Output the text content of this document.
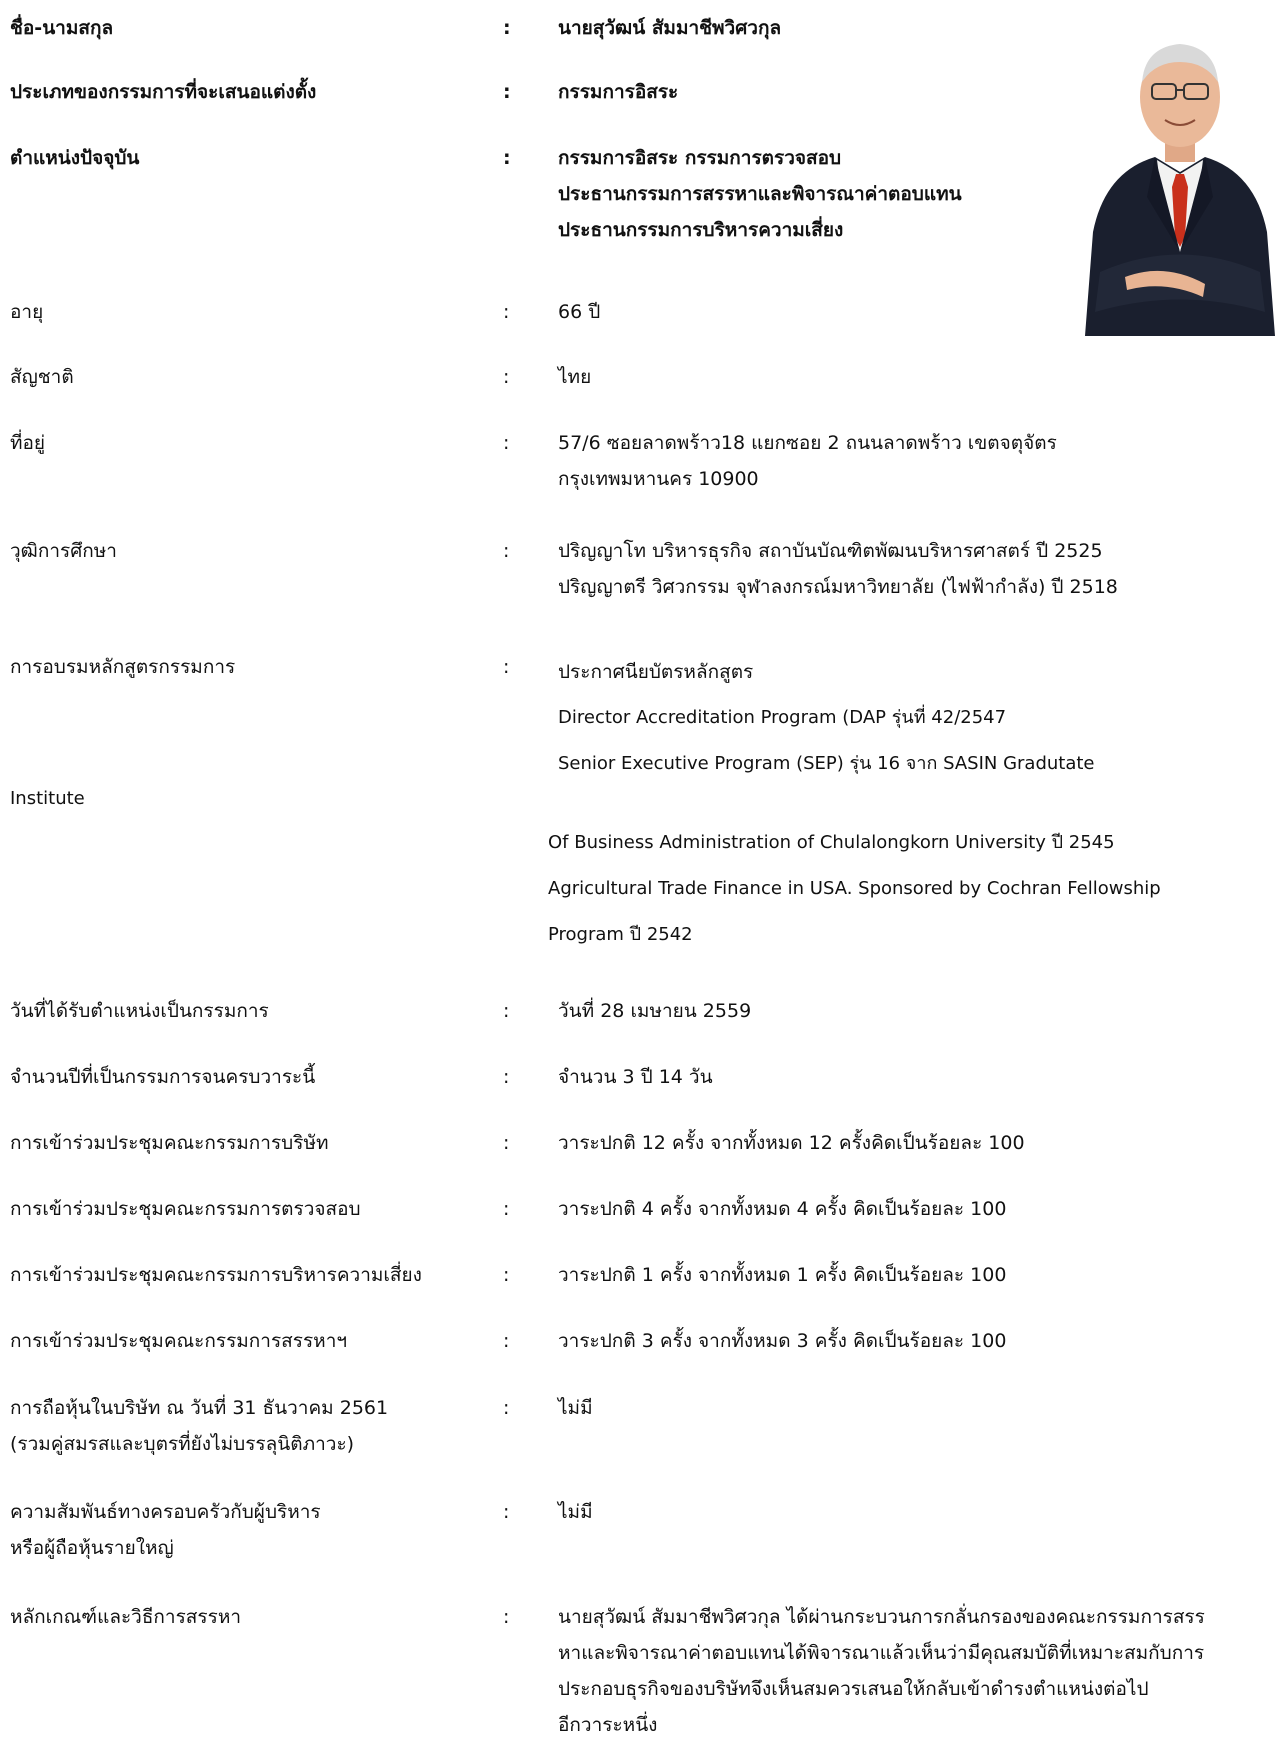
ชื่อ-นามสกุล	: นายสุวัฒน์ สัมมาชีพวิศวกุล
ประเภทของกรรมการที่จะเสนอแต่งตั้ง	: กรรมการอิสระ
ตำแหน่งปัจจุบัน	: กรรมการอิสระ กรรมการตรวจสอบ
ประธานกรรมการสรรหาและพิจารณาค่าตอบแทน
ประธานกรรมการบริหารความเสี่ยง
อายุ	:	66 ปี
สัญชาติ	:	ไทย
ที่อยู่	:	57/6 ซอยลาดพร้าว18 แยกซอย 2 ถนนลาดพร้าว เขตจตุจัตร
กรุงเทพมหานคร 10900
วุฒิการศึกษา	:	ปริญญาโท บริหารธุรกิจ สถาบันบัณฑิตพัฒนบริหารศาสตร์ ปี 2525
ปริญญาตรี วิศวกรรม จุฬาลงกรณ์มหาวิทยาลัย (ไฟฟ้ากำลัง) ปี 2518
การอบรมหลักสูตรกรรมการ	:	ประกาศนียบัตรหลักสูตร
Director Accreditation Program (DAP รุ่นที่ 42/2547
Senior Executive Program (SEP) รุ่น 16 จาก SASIN Gradutate
Institute
Of Business Administration of Chulalongkorn University ปี 2545
Agricultural Trade Finance in USA. Sponsored by Cochran Fellowship
Program ปี 2542
วันที่ได้รับตำแหน่งเป็นกรรมการ	:	วันที่ 28 เมษายน 2559
จำนวนปีที่เป็นกรรมการจนครบวาระนี้	:	จำนวน 3 ปี 14 วัน
การเข้าร่วมประชุมคณะกรรมการบริษัท	:	วาระปกติ 12 ครั้ง จากทั้งหมด 12 ครั้งคิดเป็นร้อยละ 100
การเข้าร่วมประชุมคณะกรรมการตรวจสอบ	:	วาระปกติ 4 ครั้ง จากทั้งหมด 4 ครั้ง คิดเป็นร้อยละ 100
การเข้าร่วมประชุมคณะกรรมการบริหารความเสี่ยง	:	วาระปกติ 1 ครั้ง จากทั้งหมด 1 ครั้ง คิดเป็นร้อยละ 100
การเข้าร่วมประชุมคณะกรรมการสรรหาฯ	:	วาระปกติ 3 ครั้ง จากทั้งหมด 3 ครั้ง คิดเป็นร้อยละ 100
การถือหุ้นในบริษัท ณ วันที่ 31 ธันวาคม 2561
(รวมคู่สมรสและบุตรที่ยังไม่บรรลุนิติภาวะ)
:	ไม่มี
ความสัมพันธ์ทางครอบครัวกับผู้บริหาร
หรือผู้ถือหุ้นรายใหญ่
:	ไม่มี
หลักเกณฑ์และวิธีการสรรหา	:	นายสุวัฒน์ สัมมาชีพวิศวกุล ได้ผ่านกระบวนการกลั่นกรองของคณะกรรมการสรร
หาและพิจารณาค่าตอบแทนได้พิจารณาแล้วเห็นว่ามีคุณสมบัติที่เหมาะสมกับการ
ประกอบธุรกิจของบริษัทจึงเห็นสมควรเสนอให้กลับเข้าดำรงตำแหน่งต่อไป
อีกวาระหนึ่ง
